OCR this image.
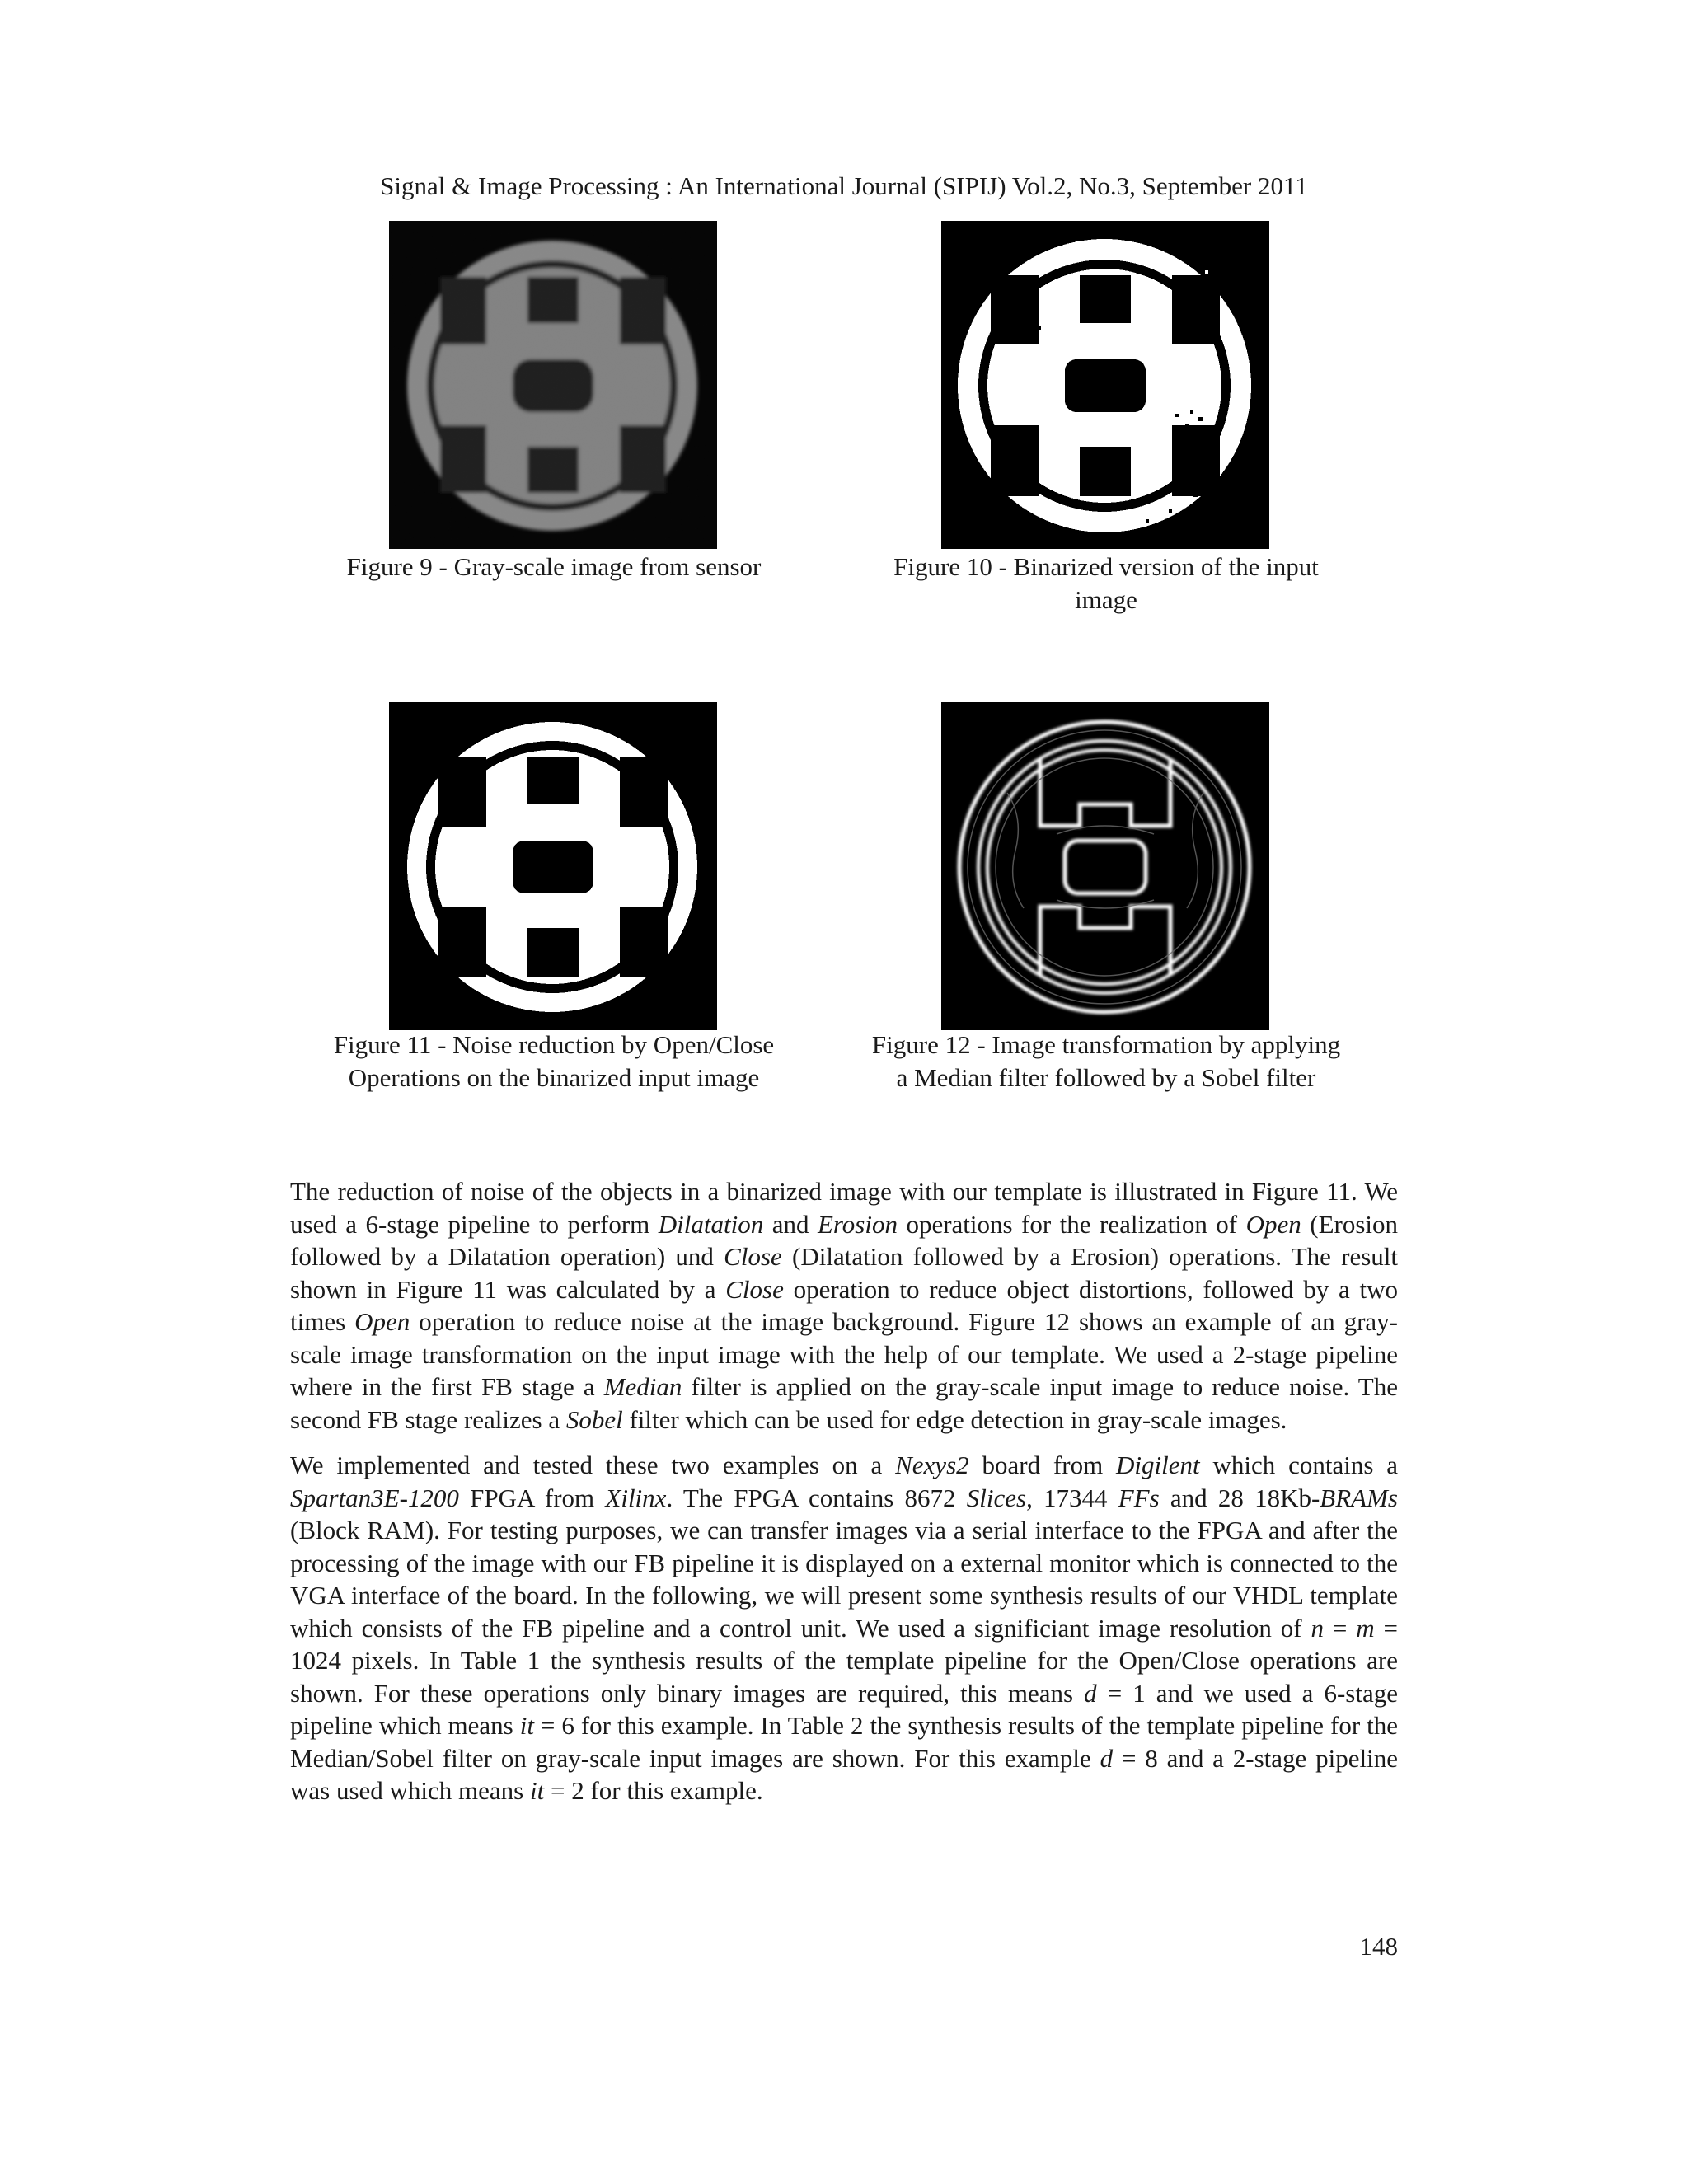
Signal & Image Processing : An International Journal (SIPIJ) Vol.2, No.3, September 2011
Figure 9 - Gray-scale image from sensor	Figure 10 - Binarized version of the input
image
Figure 11 - Noise reduction by Open/Close
Operations on the binarized input image
Figure 12 - Image transformation by applying
a Median filter followed by a Sobel filter

The reduction of noise of the objects in a binarized image with our template is illustrated in Figure 11. We used a 6-stage pipeline to perform Dilatation and Erosion operations for the realization of Open (Erosion followed by a Dilatation operation) und Close (Dilatation followed by a Erosion) operations. The result shown in Figure 11 was calculated by a Close operation to reduce object distortions, followed by a two times Open operation to reduce noise at the image background. Figure 12 shows an example of an gray-scale image transformation on the input image with the help of our template. We used a 2-stage pipeline where in the first FB stage a Median filter is applied on the gray-scale input image to reduce noise. The second FB stage realizes a Sobel filter which can be used for edge detection in gray-scale images.

We implemented and tested these two examples on a Nexys2 board from Digilent which contains a Spartan3E-1200 FPGA from Xilinx. The FPGA contains 8672 Slices, 17344 FFs and 28 18Kb-BRAMs (Block RAM). For testing purposes, we can transfer images via a serial interface to the FPGA and after the processing of the image with our FB pipeline it is displayed on a external monitor which is connected to the VGA interface of the board. In the following, we will present some synthesis results of our VHDL template which consists of the FB pipeline and a control unit. We used a significiant image resolution of n = m = 1024 pixels. In Table 1 the synthesis results of the template pipeline for the Open/Close operations are shown. For these operations only binary images are required, this means d = 1 and we used a 6-stage pipeline which means it = 6 for this example. In Table 2 the synthesis results of the template pipeline for the Median/Sobel filter on gray-scale input images are shown. For this example d = 8 and a 2-stage pipeline was used which means it = 2 for this example.

148
